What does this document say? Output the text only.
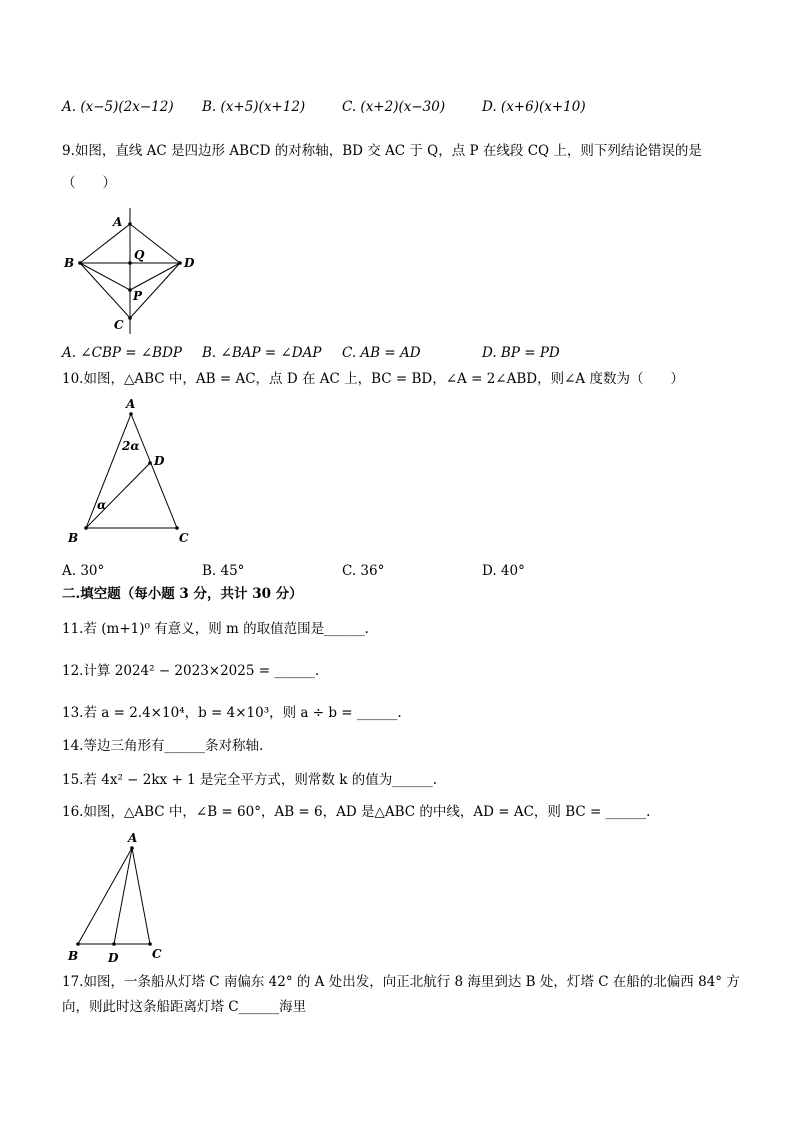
A. (x−5)(2x−12) B. (x+5)(x+12)	C. (x+2)(x−30)	D. (x+6)(x+10)
9.如图，直线 AC 是四边形 ABCD 的对称轴，BD 交 AC 于 Q，点 P 在线段 CQ 上，则下列结论错误的是
（　　）
A
B	D
C
Q
P
A. ∠CBP = ∠BDP B. ∠BAP = ∠DAP C. AB = AD	D. BP = PD
10.如图，△ABC 中，AB = AC，点 D 在 AC 上，BC = BD，∠A = 2∠ABD，则∠A 度数为（　　）
A
B	C
D
2α
α
A. 30°	B. 45°	C. 36°	D. 40°
二.填空题（每小题 3 分，共计 30 分）
11.若 (m+1)⁰ 有意义，则 m 的取值范围是______.
12.计算 2024² − 2023×2025 = ______.
13.若 a = 2.4×10⁴，b = 4×10³，则 a ÷ b = ______.
14.等边三角形有______条对称轴.
15.若 4x² − 2kx + 1 是完全平方式，则常数 k 的值为______.
16.如图，△ABC 中，∠B = 60°，AB = 6，AD 是△ABC 的中线，AD = AC，则 BC = ______.
A
B D	C
17.如图，一条船从灯塔 C 南偏东 42° 的 A 处出发，向正北航行 8 海里到达 B 处，灯塔 C 在船的北偏西 84° 方
向，则此时这条船距离灯塔 C______海里
